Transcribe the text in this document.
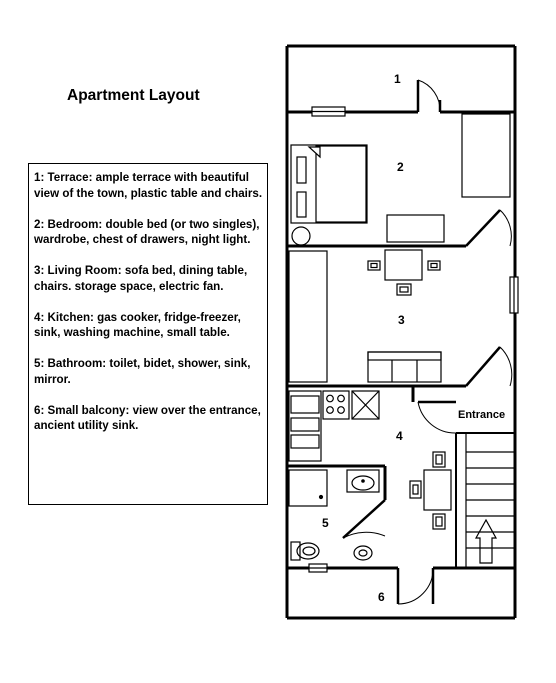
Apartment Layout

1: Terrace: ample terrace with beautiful view of the town, plastic table and chairs.

2: Bedroom: double bed (or two singles), wardrobe, chest of drawers, night light.

3: Living Room: sofa bed, dining table, chairs. storage space, electric fan.

4: Kitchen: gas cooker, fridge-freezer, sink, washing machine, small table.

5: Bathroom: toilet, bidet, shower, sink, mirror.

6: Small balcony: view over the entrance, ancient utility sink.

1
2
3
4
5
6
Entrance
